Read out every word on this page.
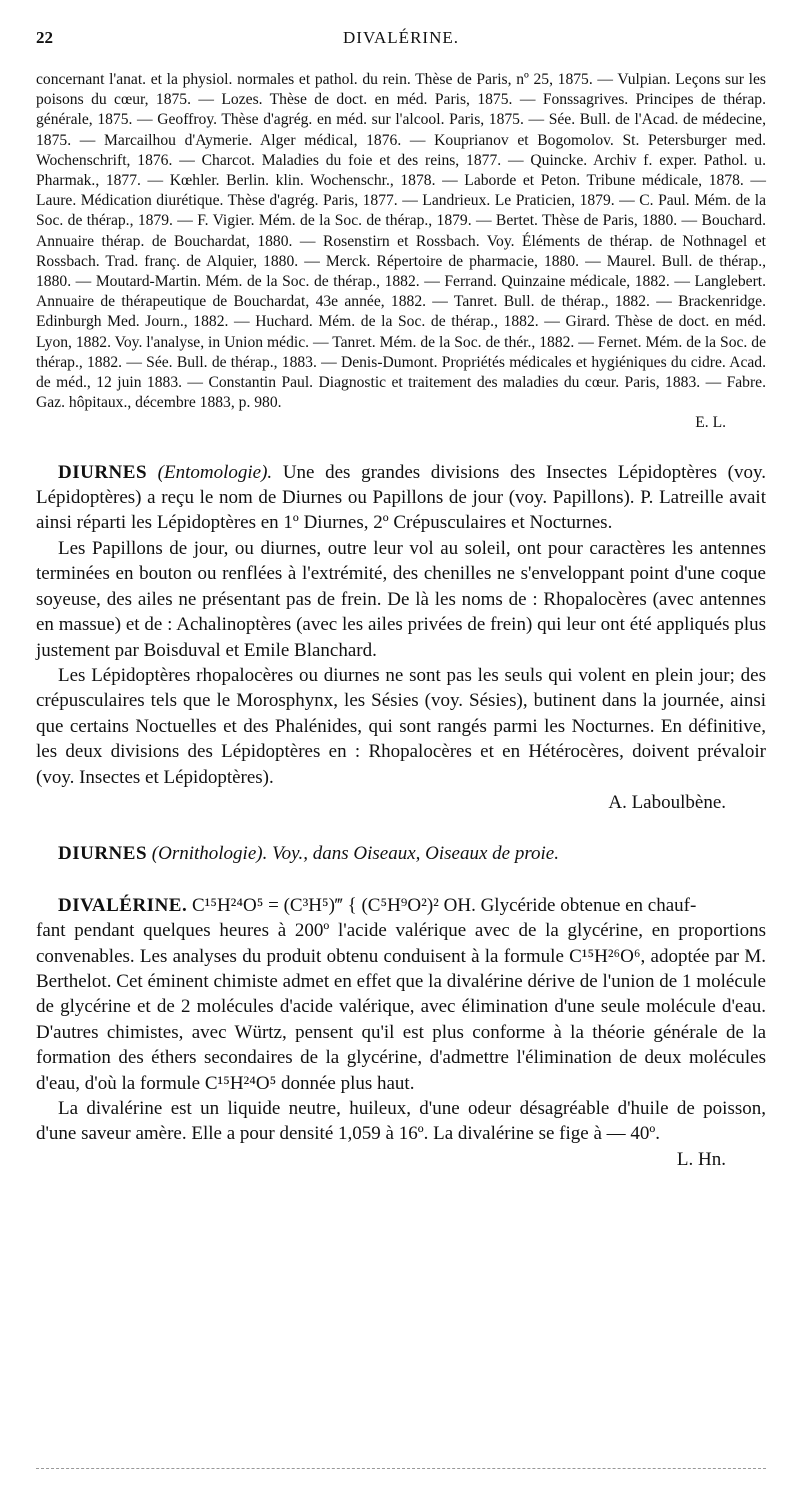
22	DIVALÉRINE.
concernant l'anat. et la physiol. normales et pathol. du rein. Thèse de Paris, nº 25, 1875. — Vulpian. Leçons sur les poisons du cœur, 1875. — Lozes. Thèse de doct. en méd. Paris, 1875. — Fonssagrives. Principes de thérap. générale, 1875. — Geoffroy. Thèse d'agrég. en méd. sur l'alcool. Paris, 1875. — Sée. Bull. de l'Acad. de médecine, 1875. — Marcailhou d'Aymerie. Alger médical, 1876. — Kouprianov et Bogomolov. St. Petersburger med. Wochenschrift, 1876. — Charcot. Maladies du foie et des reins, 1877. — Quincke. Archiv f. exper. Pathol. u. Pharmak., 1877. — Kœhler. Berlin. klin. Wochenschr., 1878. — Laborde et Peton. Tribune médicale, 1878. — Laure. Médication diurétique. Thèse d'agrég. Paris, 1877. — Landrieux. Le Praticien, 1879. — C. Paul. Mém. de la Soc. de thérap., 1879. — F. Vigier. Mém. de la Soc. de thérap., 1879. — Bertet. Thèse de Paris, 1880. — Bouchard. Annuaire thérap. de Bouchardat, 1880. — Rosenstirn et Rossbach. Voy. Éléments de thérap. de Nothnagel et Rossbach. Trad. franç. de Alquier, 1880. — Merck. Répertoire de pharmacie, 1880. — Maurel. Bull. de thérap., 1880. — Moutard-Martin. Mém. de la Soc. de thérap., 1882. — Ferrand. Quinzaine médicale, 1882. — Langlebert. Annuaire de thérapeutique de Bouchardat, 43e année, 1882. — Tanret. Bull. de thérap., 1882. — Brackenridge. Edinburgh Med. Journ., 1882. — Huchard. Mém. de la Soc. de thérap., 1882. — Girard. Thèse de doct. en méd. Lyon, 1882. Voy. l'analyse, in Union médic. — Tanret. Mém. de la Soc. de thér., 1882. — Fernet. Mém. de la Soc. de thérap., 1882. — Sée. Bull. de thérap., 1883. — Denis-Dumont. Propriétés médicales et hygiéniques du cidre. Acad. de méd., 12 juin 1883. — Constantin Paul. Diagnostic et traitement des maladies du cœur. Paris, 1883. — Fabre. Gaz. hôpitaux., décembre 1883, p. 980.
E. L.

DIURNES (Entomologie). Une des grandes divisions des Insectes Lépidoptères (voy. Lépidoptères) a reçu le nom de Diurnes ou Papillons de jour (voy. Papillons). P. Latreille avait ainsi réparti les Lépidoptères en 1º Diurnes, 2º Crépusculaires et Nocturnes.

Les Papillons de jour, ou diurnes, outre leur vol au soleil, ont pour caractères les antennes terminées en bouton ou renflées à l'extrémité, des chenilles ne s'enveloppant point d'une coque soyeuse, des ailes ne présentant pas de frein. De là les noms de : Rhopalocères (avec antennes en massue) et de : Achalinoptères (avec les ailes privées de frein) qui leur ont été appliqués plus justement par Boisduval et Emile Blanchard.

Les Lépidoptères rhopalocères ou diurnes ne sont pas les seuls qui volent en plein jour; des crépusculaires tels que le Morosphynx, les Sésies (voy. Sésies), butinent dans la journée, ainsi que certains Noctuelles et des Phalénides, qui sont rangés parmi les Nocturnes. En définitive, les deux divisions des Lépidoptères en : Rhopalocères et en Hétérocères, doivent prévaloir (voy. Insectes et Lépidoptères).

A. Laboulbène.

DIURNES (Ornithologie). Voy., dans Oiseaux, Oiseaux de proie.

DIVALÉRINE. C¹⁵H²⁴O⁵ = (C³H⁵)‴ { (C⁵H⁹O²)² OH. Glycéride obtenue en chauf-

fant pendant quelques heures à 200º l'acide valérique avec de la glycérine, en proportions convenables. Les analyses du produit obtenu conduisent à la formule C¹⁵H²⁶O⁶, adoptée par M. Berthelot. Cet éminent chimiste admet en effet que la divalérine dérive de l'union de 1 molécule de glycérine et de 2 molécules d'acide valérique, avec élimination d'une seule molécule d'eau. D'autres chimistes, avec Würtz, pensent qu'il est plus conforme à la théorie générale de la formation des éthers secondaires de la glycérine, d'admettre l'élimination de deux molécules d'eau, d'où la formule C¹⁵H²⁴O⁵ donnée plus haut.

La divalérine est un liquide neutre, huileux, d'une odeur désagréable d'huile de poisson, d'une saveur amère. Elle a pour densité 1,059 à 16º. La divalérine se fige à — 40º.

L. Hn.
